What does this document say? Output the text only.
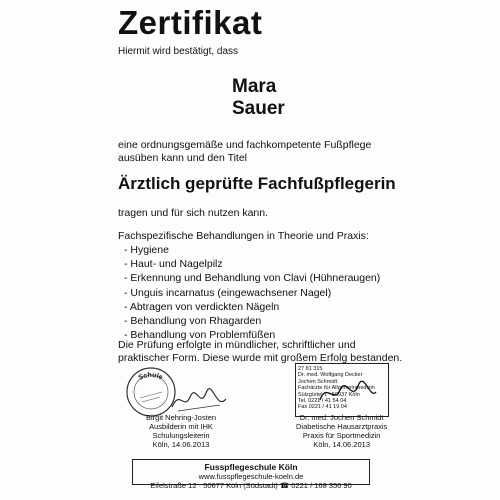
Zertifikat
Hiermit wird bestätigt, dass
Mara
Sauer
eine ordnungsgemäße und fachkompetente Fußpflege
ausüben kann und den Titel
Ärztlich geprüfte Fachfußpflegerin
tragen und für sich nutzen kann.
Fachspezifische Behandlungen in Theorie und Praxis:
- Hygiene
- Haut- und Nagelpilz
- Erkennung und Behandlung von Clavi (Hühneraugen)
- Unguis incarnatus (eingewachsener Nagel)
- Abtragen von verdickten Nägeln
- Behandlung von Rhagarden
- Behandlung von Problemfüßen
Die Prüfung erfolgte in mündlicher, schriftlicher und
praktischer Form. Diese wurde mit großem Erfolg bestanden.
Schule
Birgit Nehring-Josten
Ausbilderin mit IHK
Schulungsleiterin
Köln, 14.06.2013
27 81 315
Dr. med. Wolfgang Decker
Jochen Schmidt
Fachärzte für Allgemeinmedizin
Sülzgürtel 1 · 50937 Köln
Tel. 0221 / 41 54 04
Fax 0221 / 41 19 04
Dr. med. Jochen Schmidt
Diabetische Hausarztpraxis
Praxis für Sportmedizin
Köln, 14.06.2013
Fusspflegeschule Köln
www.fusspflegeschule-koeln.de
Eifelstraße 12 · 50677 Köln (Südstadt) ☎ 0221 / 168 356 90
